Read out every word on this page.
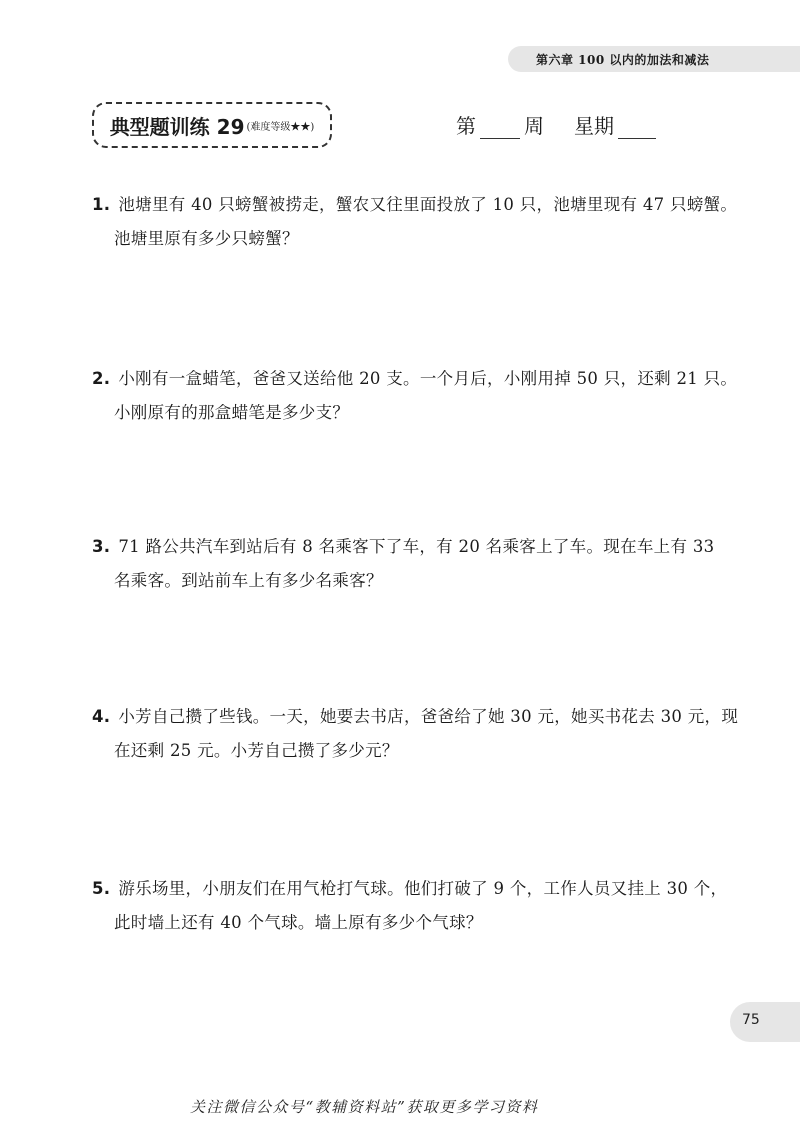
第六章 100 以内的加法和减法
典型题训练 29 (难度等级★★)	第 周 星期
1. 池塘里有 40 只螃蟹被捞走，蟹农又往里面投放了 10 只，池塘里现有 47 只螃蟹。
池塘里原有多少只螃蟹？
2. 小刚有一盒蜡笔，爸爸又送给他 20 支。一个月后，小刚用掉 50 只，还剩 21 只。
小刚原有的那盒蜡笔是多少支？
3. 71 路公共汽车到站后有 8 名乘客下了车，有 20 名乘客上了车。现在车上有 33
名乘客。到站前车上有多少名乘客？
4. 小芳自己攒了些钱。一天，她要去书店，爸爸给了她 30 元，她买书花去 30 元，现
在还剩 25 元。小芳自己攒了多少元？
5. 游乐场里，小朋友们在用气枪打气球。他们打破了 9 个，工作人员又挂上 30 个，
此时墙上还有 40 个气球。墙上原有多少个气球？
75
关注微信公众号“教辅资料站”获取更多学习资料
